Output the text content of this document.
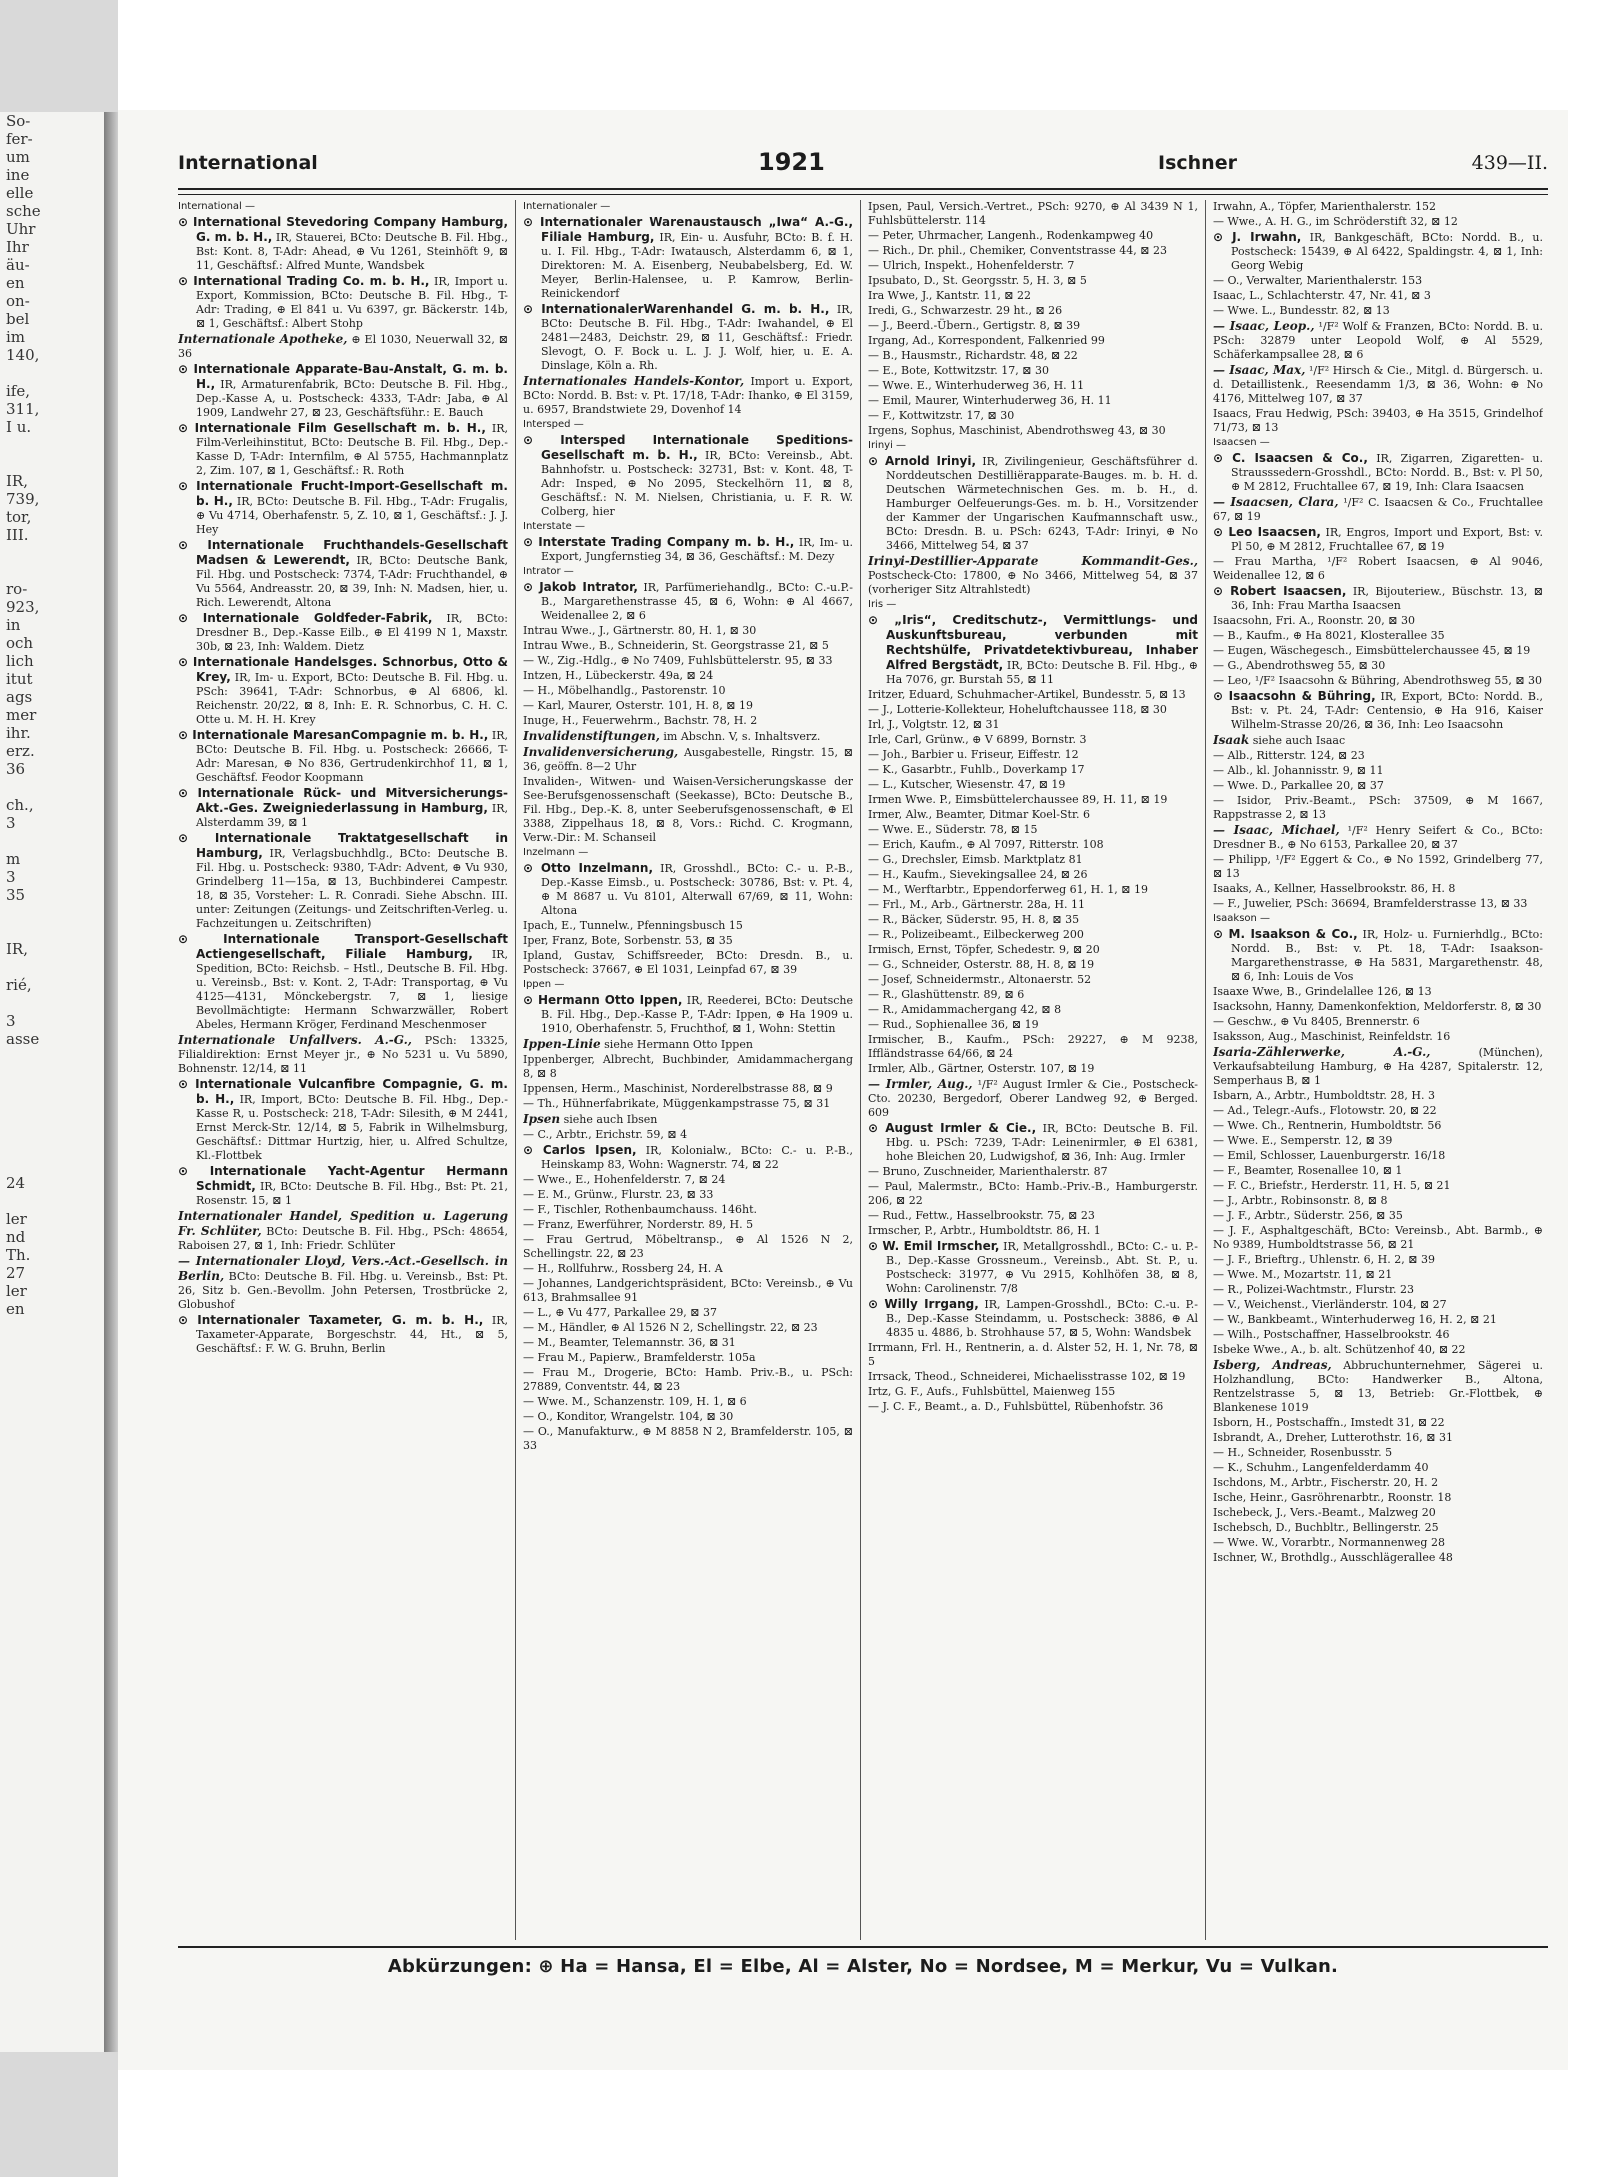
So-
fer-
um
ine
elle
sche
Uhr
Ihr
äu-
en
on-
bel
im
140,

ife,
311,
I u.

IR,
739,
tor,
III.

ro-
923,
in
och
lich
itut
ags
mer
ihr.
erz.
36

ch.,
3

m
3
35

IR,

rié,

3
asse

24

ler
nd
Th.
27
ler
en

International	1921	Ischner	439—II.
International —
⊙ International Stevedoring Company Hamburg, G. m. b. H., IR, Stauerei, BCto: Deutsche B. Fil. Hbg., Bst: Kont. 8, T-Adr: Ahead, ⊕ Vu 1261, Steinhöft 9, ⊠ 11, Geschäftsf.: Alfred Munte, Wandsbek
⊙ International Trading Co. m. b. H., IR, Import u. Export, Kommission, BCto: Deutsche B. Fil. Hbg., T-Adr: Trading, ⊕ El 841 u. Vu 6397, gr. Bäckerstr. 14b, ⊠ 1, Geschäftsf.: Albert Stohp
Internationale Apotheke, ⊕ El 1030, Neuerwall 32, ⊠ 36
⊙ Internationale Apparate-Bau-Anstalt, G. m. b. H., IR, Armaturenfabrik, BCto: Deutsche B. Fil. Hbg., Dep.-Kasse A, u. Postscheck: 4333, T-Adr: Jaba, ⊕ Al 1909, Landwehr 27, ⊠ 23, Geschäftsführ.: E. Bauch
⊙ Internationale Film Gesellschaft m. b. H., IR, Film-Verleihinstitut, BCto: Deutsche B. Fil. Hbg., Dep.-Kasse D, T-Adr: Internfilm, ⊕ Al 5755, Hachmannplatz 2, Zim. 107, ⊠ 1, Geschäftsf.: R. Roth
⊙ Internationale Frucht-Import-Gesellschaft m. b. H., IR, BCto: Deutsche B. Fil. Hbg., T-Adr: Frugalis, ⊕ Vu 4714, Oberhafenstr. 5, Z. 10, ⊠ 1, Geschäftsf.: J. J. Hey
⊙ Internationale Fruchthandels-Gesellschaft Madsen & Lewerendt, IR, BCto: Deutsche Bank, Fil. Hbg. und Postscheck: 7374, T-Adr: Fruchthandel, ⊕ Vu 5564, Andreasstr. 20, ⊠ 39, Inh: N. Madsen, hier, u. Rich. Lewerendt, Altona
⊙ Internationale Goldfeder-Fabrik, IR, BCto: Dresdner B., Dep.-Kasse Eilb., ⊕ El 4199 N 1, Maxstr. 30b, ⊠ 23, Inh: Waldem. Dietz
⊙ Internationale Handelsges. Schnorbus, Otto & Krey, IR, Im- u. Export, BCto: Deutsche B. Fil. Hbg. u. PSch: 39641, T-Adr: Schnorbus, ⊕ Al 6806, kl. Reichenstr. 20/22, ⊠ 8, Inh: E. R. Schnorbus, C. H. C. Otte u. M. H. H. Krey
⊙ Internationale MaresanCompagnie m. b. H., IR, BCto: Deutsche B. Fil. Hbg. u. Postscheck: 26666, T-Adr: Maresan, ⊕ No 836, Gertrudenkirchhof 11, ⊠ 1, Geschäftsf. Feodor Koopmann
⊙ Internationale Rück- und Mitversicherungs-Akt.-Ges. Zweigniederlassung in Hamburg, IR, Alsterdamm 39, ⊠ 1
⊙ Internationale Traktatgesellschaft in Hamburg, IR, Verlagsbuchhdlg., BCto: Deutsche B. Fil. Hbg. u. Postscheck: 9380, T-Adr: Advent, ⊕ Vu 930, Grindelberg 11—15a, ⊠ 13, Buchbinderei Campestr. 18, ⊠ 35, Vorsteher: L. R. Conradi. Siehe Abschn. III. unter: Zeitungen (Zeitungs- und Zeitschriften-Verleg. u. Fachzeitungen u. Zeitschriften)
⊙ Internationale Transport-Gesellschaft Actiengesellschaft, Filiale Hamburg, IR, Spedition, BCto: Reichsb. – Hstl., Deutsche B. Fil. Hbg. u. Vereinsb., Bst: v. Kont. 2, T-Adr: Transportag, ⊕ Vu 4125—4131, Mönckebergstr. 7, ⊠ 1, liesige Bevollmächtigte: Hermann Schwarzwäller, Robert Abeles, Hermann Kröger, Ferdinand Meschenmoser
Internationale Unfallvers. A.-G., PSch: 13325, Filialdirektion: Ernst Meyer jr., ⊕ No 5231 u. Vu 5890, Bohnenstr. 12/14, ⊠ 11
⊙ Internationale Vulcanfibre Compagnie, G. m. b. H., IR, Import, BCto: Deutsche B. Fil. Hbg., Dep.-Kasse R, u. Postscheck: 218, T-Adr: Silesith, ⊕ M 2441, Ernst Merck-Str. 12/14, ⊠ 5, Fabrik in Wilhelmsburg, Geschäftsf.: Dittmar Hurtzig, hier, u. Alfred Schultze, Kl.-Flottbek
⊙ Internationale Yacht-Agentur Hermann Schmidt, IR, BCto: Deutsche B. Fil. Hbg., Bst: Pt. 21, Rosenstr. 15, ⊠ 1
Internationaler Handel, Spedition u. Lagerung Fr. Schlüter, BCto: Deutsche B. Fil. Hbg., PSch: 48654, Raboisen 27, ⊠ 1, Inh: Friedr. Schlüter
— Internationaler Lloyd, Vers.-Act.-Gesellsch. in Berlin, BCto: Deutsche B. Fil. Hbg. u. Vereinsb., Bst: Pt. 26, Sitz b. Gen.-Bevollm. John Petersen, Trostbrücke 2, Globushof
⊙ Internationaler Taxameter, G. m. b. H., IR, Taxameter-Apparate, Borgeschstr. 44, Ht., ⊠ 5, Geschäftsf.: F. W. G. Bruhn, Berlin
Internationaler —
⊙ Internationaler Warenaustausch „Iwa“ A.-G., Filiale Hamburg, IR, Ein- u. Ausfuhr, BCto: B. f. H. u. I. Fil. Hbg., T-Adr: Iwatausch, Alsterdamm 6, ⊠ 1, Direktoren: M. A. Eisenberg, Neubabelsberg, Ed. W. Meyer, Berlin-Halensee, u. P. Kamrow, Berlin-Reinickendorf
⊙ InternationalerWarenhandel G. m. b. H., IR, BCto: Deutsche B. Fil. Hbg., T-Adr: Iwahandel, ⊕ El 2481—2483, Deichstr. 29, ⊠ 11, Geschäftsf.: Friedr. Slevogt, O. F. Bock u. L. J. J. Wolf, hier, u. E. A. Dinslage, Köln a. Rh.
Internationales Handels-Kontor, Import u. Export, BCto: Nordd. B. Bst: v. Pt. 17/18, T-Adr: Ihanko, ⊕ El 3159, u. 6957, Brandstwiete 29, Dovenhof 14
Intersped —
⊙ Intersped Internationale Speditions-Gesellschaft m. b. H., IR, BCto: Vereinsb., Abt. Bahnhofstr. u. Postscheck: 32731, Bst: v. Kont. 48, T-Adr: Insped, ⊕ No 2095, Steckelhörn 11, ⊠ 8, Geschäftsf.: N. M. Nielsen, Christiania, u. F. R. W. Colberg, hier
Interstate —
⊙ Interstate Trading Company m. b. H., IR, Im- u. Export, Jungfernstieg 34, ⊠ 36, Geschäftsf.: M. Dezy
Intrator —
⊙ Jakob Intrator, IR, Parfümeriehandlg., BCto: C.-u.P.-B., Margarethenstrasse 45, ⊠ 6, Wohn: ⊕ Al 4667, Weidenallee 2, ⊠ 6
Intrau Wwe., J., Gärtnerstr. 80, H. 1, ⊠ 30
Intrau Wwe., B., Schneiderin, St. Georgstrasse 21, ⊠ 5
— W., Zig.-Hdlg., ⊕ No 7409, Fuhlsbüttelerstr. 95, ⊠ 33
Intzen, H., Lübeckerstr. 49a, ⊠ 24
— H., Möbelhandlg., Pastorenstr. 10
— Karl, Maurer, Osterstr. 101, H. 8, ⊠ 19
Inuge, H., Feuerwehrm., Bachstr. 78, H. 2
Invalidenstiftungen, im Abschn. V, s. Inhaltsverz.
Invalidenversicherung, Ausgabestelle, Ringstr. 15, ⊠ 36, geöffn. 8—2 Uhr
Invaliden-, Witwen- und Waisen-Versicherungskasse der See-Berufsgenossenschaft (Seekasse), BCto: Deutsche B., Fil. Hbg., Dep.-K. 8, unter Seeberufsgenossenschaft, ⊕ El 3388, Zippelhaus 18, ⊠ 8, Vors.: Richd. C. Krogmann, Verw.-Dir.: M. Schanseil
Inzelmann —
⊙ Otto Inzelmann, IR, Grosshdl., BCto: C.- u. P.-B., Dep.-Kasse Eimsb., u. Postscheck: 30786, Bst: v. Pt. 4, ⊕ M 8687 u. Vu 8101, Alterwall 67/69, ⊠ 11, Wohn: Altona
Ipach, E., Tunnelw., Pfenningsbusch 15
Iper, Franz, Bote, Sorbenstr. 53, ⊠ 35
Ipland, Gustav, Schiffsreeder, BCto: Dresdn. B., u. Postscheck: 37667, ⊕ El 1031, Leinpfad 67, ⊠ 39
Ippen —
⊙ Hermann Otto Ippen, IR, Reederei, BCto: Deutsche B. Fil. Hbg., Dep.-Kasse P., T-Adr: Ippen, ⊕ Ha 1909 u. 1910, Oberhafenstr. 5, Fruchthof, ⊠ 1, Wohn: Stettin
Ippen-Linie siehe Hermann Otto Ippen
Ippenberger, Albrecht, Buchbinder, Amidammachergang 8, ⊠ 8
Ippensen, Herm., Maschinist, Norderelbstrasse 88, ⊠ 9
— Th., Hühnerfabrikate, Müggenkampstrasse 75, ⊠ 31
Ipsen siehe auch Ibsen
— C., Arbtr., Erichstr. 59, ⊠ 4
⊙ Carlos Ipsen, IR, Kolonialw., BCto: C.- u. P.-B., Heinskamp 83, Wohn: Wagnerstr. 74, ⊠ 22
— Wwe., E., Hohenfelderstr. 7, ⊠ 24
— E. M., Grünw., Flurstr. 23, ⊠ 33
— F., Tischler, Rothenbaumchauss. 146ht.
— Franz, Ewerführer, Norderstr. 89, H. 5
— Frau Gertrud, Möbeltransp., ⊕ Al 1526 N 2, Schellingstr. 22, ⊠ 23
— H., Rollfuhrw., Rossberg 24, H. A
— Johannes, Landgerichtspräsident, BCto: Vereinsb., ⊕ Vu 613, Brahmsallee 91
— L., ⊕ Vu 477, Parkallee 29, ⊠ 37
— M., Händler, ⊕ Al 1526 N 2, Schellingstr. 22, ⊠ 23
— M., Beamter, Telemannstr. 36, ⊠ 31
— Frau M., Papierw., Bramfelderstr. 105a
— Frau M., Drogerie, BCto: Hamb. Priv.-B., u. PSch: 27889, Conventstr. 44, ⊠ 23
— Wwe. M., Schanzenstr. 109, H. 1, ⊠ 6
— O., Konditor, Wrangelstr. 104, ⊠ 30
— O., Manufakturw., ⊕ M 8858 N 2, Bramfelderstr. 105, ⊠ 33
Ipsen, Paul, Versich.-Vertret., PSch: 9270, ⊕ Al 3439 N 1, Fuhlsbüttelerstr. 114
— Peter, Uhrmacher, Langenh., Rodenkampweg 40
— Rich., Dr. phil., Chemiker, Conventstrasse 44, ⊠ 23
— Ulrich, Inspekt., Hohenfelderstr. 7
Ipsubato, D., St. Georgsstr. 5, H. 3, ⊠ 5
Ira Wwe, J., Kantstr. 11, ⊠ 22
Iredi, G., Schwarzestr. 29 ht., ⊠ 26
— J., Beerd.-Übern., Gertigstr. 8, ⊠ 39
Irgang, Ad., Korrespondent, Falkenried 99
— B., Hausmstr., Richardstr. 48, ⊠ 22
— E., Bote, Kottwitzstr. 17, ⊠ 30
— Wwe. E., Winterhuderweg 36, H. 11
— Emil, Maurer, Winterhuderweg 36, H. 11
— F., Kottwitzstr. 17, ⊠ 30
Irgens, Sophus, Maschinist, Abendrothsweg 43, ⊠ 30
Irinyi —
⊙ Arnold Irinyi, IR, Zivilingenieur, Geschäftsführer d. Norddeutschen Destilliërapparate-Bauges. m. b. H. d. Deutschen Wärmetechnischen Ges. m. b. H., d. Hamburger Oelfeuerungs-Ges. m. b. H., Vorsitzender der Kammer der Ungarischen Kaufmannschaft usw., BCto: Dresdn. B. u. PSch: 6243, T-Adr: Irinyi, ⊕ No 3466, Mittelweg 54, ⊠ 37
Irinyi-Destillier-Apparate Kommandit-Ges., Postscheck-Cto: 17800, ⊕ No 3466, Mittelweg 54, ⊠ 37 (vorheriger Sitz Altrahlstedt)
Iris —
⊙ „Iris“, Creditschutz-, Vermittlungs- und Auskunftsbureau, verbunden mit Rechtshülfe, Privatdetektivbureau, Inhaber Alfred Bergstädt, IR, BCto: Deutsche B. Fil. Hbg., ⊕ Ha 7076, gr. Burstah 55, ⊠ 11
Iritzer, Eduard, Schuhmacher-Artikel, Bundesstr. 5, ⊠ 13
— J., Lotterie-Kollekteur, Hoheluftchaussee 118, ⊠ 30
Irl, J., Volgtstr. 12, ⊠ 31
Irle, Carl, Grünw., ⊕ V 6899, Bornstr. 3
— Joh., Barbier u. Friseur, Eiffestr. 12
— K., Gasarbtr., Fuhlb., Doverkamp 17
— L., Kutscher, Wiesenstr. 47, ⊠ 19
Irmen Wwe. P., Eimsbüttelerchaussee 89, H. 11, ⊠ 19
Irmer, Alw., Beamter, Ditmar Koel-Str. 6
— Wwe. E., Süderstr. 78, ⊠ 15
— Erich, Kaufm., ⊕ Al 7097, Ritterstr. 108
— G., Drechsler, Eimsb. Marktplatz 81
— H., Kaufm., Sievekingsallee 24, ⊠ 26
— M., Werftarbtr., Eppendorferweg 61, H. 1, ⊠ 19
— Frl., M., Arb., Gärtnerstr. 28a, H. 11
— R., Bäcker, Süderstr. 95, H. 8, ⊠ 35
— R., Polizeibeamt., Eilbeckerweg 200
Irmisch, Ernst, Töpfer, Schedestr. 9, ⊠ 20
— G., Schneider, Osterstr. 88, H. 8, ⊠ 19
— Josef, Schneidermstr., Altonaerstr. 52
— R., Glashüttenstr. 89, ⊠ 6
— R., Amidammachergang 42, ⊠ 8
— Rud., Sophienallee 36, ⊠ 19
Irmischer, B., Kaufm., PSch: 29227, ⊕ M 9238, Iffländstrasse 64/66, ⊠ 24
Irmler, Alb., Gärtner, Osterstr. 107, ⊠ 19
— Irmler, Aug., ¹/F² August Irmler & Cie., Postscheck-Cto. 20230, Bergedorf, Oberer Landweg 92, ⊕ Berged. 609
⊙ August Irmler & Cie., IR, BCto: Deutsche B. Fil. Hbg. u. PSch: 7239, T-Adr: Leinenirmler, ⊕ El 6381, hohe Bleichen 20, Ludwigshof, ⊠ 36, Inh: Aug. Irmler
— Bruno, Zuschneider, Marienthalerstr. 87
— Paul, Malermstr., BCto: Hamb.-Priv.-B., Hamburgerstr. 206, ⊠ 22
— Rud., Fettw., Hasselbrookstr. 75, ⊠ 23
Irmscher, P., Arbtr., Humboldtstr. 86, H. 1
⊙ W. Emil Irmscher, IR, Metallgrosshdl., BCto: C.- u. P.-B., Dep.-Kasse Grossneum., Vereinsb., Abt. St. P., u. Postscheck: 31977, ⊕ Vu 2915, Kohlhöfen 38, ⊠ 8, Wohn: Carolinenstr. 7/8
⊙ Willy Irrgang, IR, Lampen-Grosshdl., BCto: C.-u. P.-B., Dep.-Kasse Steindamm, u. Postscheck: 3886, ⊕ Al 4835 u. 4886, b. Strohhause 57, ⊠ 5, Wohn: Wandsbek
Irrmann, Frl. H., Rentnerin, a. d. Alster 52, H. 1, Nr. 78, ⊠ 5
Irrsack, Theod., Schneiderei, Michaelisstrasse 102, ⊠ 19
Irtz, G. F., Aufs., Fuhlsbüttel, Maienweg 155
— J. C. F., Beamt., a. D., Fuhlsbüttel, Rübenhofstr. 36
Irwahn, A., Töpfer, Marienthalerstr. 152
— Wwe., A. H. G., im Schröderstift 32, ⊠ 12
⊙ J. Irwahn, IR, Bankgeschäft, BCto: Nordd. B., u. Postscheck: 15439, ⊕ Al 6422, Spaldingstr. 4, ⊠ 1, Inh: Georg Webig
— O., Verwalter, Marienthalerstr. 153
Isaac, L., Schlachterstr. 47, Nr. 41, ⊠ 3
— Wwe. L., Bundesstr. 82, ⊠ 13
— Isaac, Leop., ¹/F² Wolf & Franzen, BCto: Nordd. B. u. PSch: 32879 unter Leopold Wolf, ⊕ Al 5529, Schäferkampsallee 28, ⊠ 6
— Isaac, Max, ¹/F² Hirsch & Cie., Mitgl. d. Bürgersch. u. d. Detaillistenk., Reesendamm 1/3, ⊠ 36, Wohn: ⊕ No 4176, Mittelweg 107, ⊠ 37
Isaacs, Frau Hedwig, PSch: 39403, ⊕ Ha 3515, Grindelhof 71/73, ⊠ 13
Isaacsen —
⊙ C. Isaacsen & Co., IR, Zigarren, Zigaretten- u. Strausssedern-Grosshdl., BCto: Nordd. B., Bst: v. Pl 50, ⊕ M 2812, Fruchtallee 67, ⊠ 19, Inh: Clara Isaacsen
— Isaacsen, Clara, ¹/F² C. Isaacsen & Co., Fruchtallee 67, ⊠ 19
⊙ Leo Isaacsen, IR, Engros, Import und Export, Bst: v. Pl 50, ⊕ M 2812, Fruchtallee 67, ⊠ 19
— Frau Martha, ¹/F² Robert Isaacsen, ⊕ Al 9046, Weidenallee 12, ⊠ 6
⊙ Robert Isaacsen, IR, Bijouteriew., Büschstr. 13, ⊠ 36, Inh: Frau Martha Isaacsen
Isaacsohn, Fri. A., Roonstr. 20, ⊠ 30
— B., Kaufm., ⊕ Ha 8021, Klosterallee 35
— Eugen, Wäschegesch., Eimsbüttelerchaussee 45, ⊠ 19
— G., Abendrothsweg 55, ⊠ 30
— Leo, ¹/F² Isaacsohn & Bühring, Abendrothsweg 55, ⊠ 30
⊙ Isaacsohn & Bühring, IR, Export, BCto: Nordd. B., Bst: v. Pt. 24, T-Adr: Centensio, ⊕ Ha 916, Kaiser Wilhelm-Strasse 20/26, ⊠ 36, Inh: Leo Isaacsohn
Isaak siehe auch Isaac
— Alb., Ritterstr. 124, ⊠ 23
— Alb., kl. Johannisstr. 9, ⊠ 11
— Wwe. D., Parkallee 20, ⊠ 37
— Isidor, Priv.-Beamt., PSch: 37509, ⊕ M 1667, Rappstrasse 2, ⊠ 13
— Isaac, Michael, ¹/F² Henry Seifert & Co., BCto: Dresdner B., ⊕ No 6153, Parkallee 20, ⊠ 37
— Philipp, ¹/F² Eggert & Co., ⊕ No 1592, Grindelberg 77, ⊠ 13
Isaaks, A., Kellner, Hasselbrookstr. 86, H. 8
— F., Juwelier, PSch: 36694, Bramfelderstrasse 13, ⊠ 33
Isaakson —
⊙ M. Isaakson & Co., IR, Holz- u. Furnierhdlg., BCto: Nordd. B., Bst: v. Pt. 18, T-Adr: Isaakson-Margarethenstrasse, ⊕ Ha 5831, Margarethenstr. 48, ⊠ 6, Inh: Louis de Vos
Isaaxe Wwe, B., Grindelallee 126, ⊠ 13
Isacksohn, Hanny, Damenkonfektion, Meldorferstr. 8, ⊠ 30
— Geschw., ⊕ Vu 8405, Brennerstr. 6
Isaksson, Aug., Maschinist, Reinfeldstr. 16
Isaria-Zählerwerke, A.-G., (München), Verkaufsabteilung Hamburg, ⊕ Ha 4287, Spitalerstr. 12, Semperhaus B, ⊠ 1
Isbarn, A., Arbtr., Humboldtstr. 28, H. 3
— Ad., Telegr.-Aufs., Flotowstr. 20, ⊠ 22
— Wwe. Ch., Rentnerin, Humboldtstr. 56
— Wwe. E., Semperstr. 12, ⊠ 39
— Emil, Schlosser, Lauenburgerstr. 16/18
— F., Beamter, Rosenallee 10, ⊠ 1
— F. C., Briefstr., Herderstr. 11, H. 5, ⊠ 21
— J., Arbtr., Robinsonstr. 8, ⊠ 8
— J. F., Arbtr., Süderstr. 256, ⊠ 35
— J. F., Asphaltgeschäft, BCto: Vereinsb., Abt. Barmb., ⊕ No 9389, Humboldtstrasse 56, ⊠ 21
— J. F., Brieftrg., Uhlenstr. 6, H. 2, ⊠ 39
— Wwe. M., Mozartstr. 11, ⊠ 21
— R., Polizei-Wachtmstr., Flurstr. 23
— V., Weichenst., Vierländerstr. 104, ⊠ 27
— W., Bankbeamt., Winterhuderweg 16, H. 2, ⊠ 21
— Wilh., Postschaffner, Hasselbrookstr. 46
Isbeke Wwe., A., b. alt. Schützenhof 40, ⊠ 22
Isberg, Andreas, Abbruchunternehmer, Sägerei u. Holzhandlung, BCto: Handwerker B., Altona, Rentzelstrasse 5, ⊠ 13, Betrieb: Gr.-Flottbek, ⊕ Blankenese 1019
Isborn, H., Postschaffn., Imstedt 31, ⊠ 22
Isbrandt, A., Dreher, Lutterothstr. 16, ⊠ 31
— H., Schneider, Rosenbusstr. 5
— K., Schuhm., Langenfelderdamm 40
Ischdons, M., Arbtr., Fischerstr. 20, H. 2
Ische, Heinr., Gasröhrenarbtr., Roonstr. 18
Ischebeck, J., Vers.-Beamt., Malzweg 20
Ischebsch, D., Buchbltr., Bellingerstr. 25
— Wwe. W., Vorarbtr., Normannenweg 28
Ischner, W., Brothdlg., Ausschlägerallee 48
Abkürzungen: ⊕ Ha = Hansa, El = Elbe, Al = Alster, No = Nordsee, M = Merkur, Vu = Vulkan.
